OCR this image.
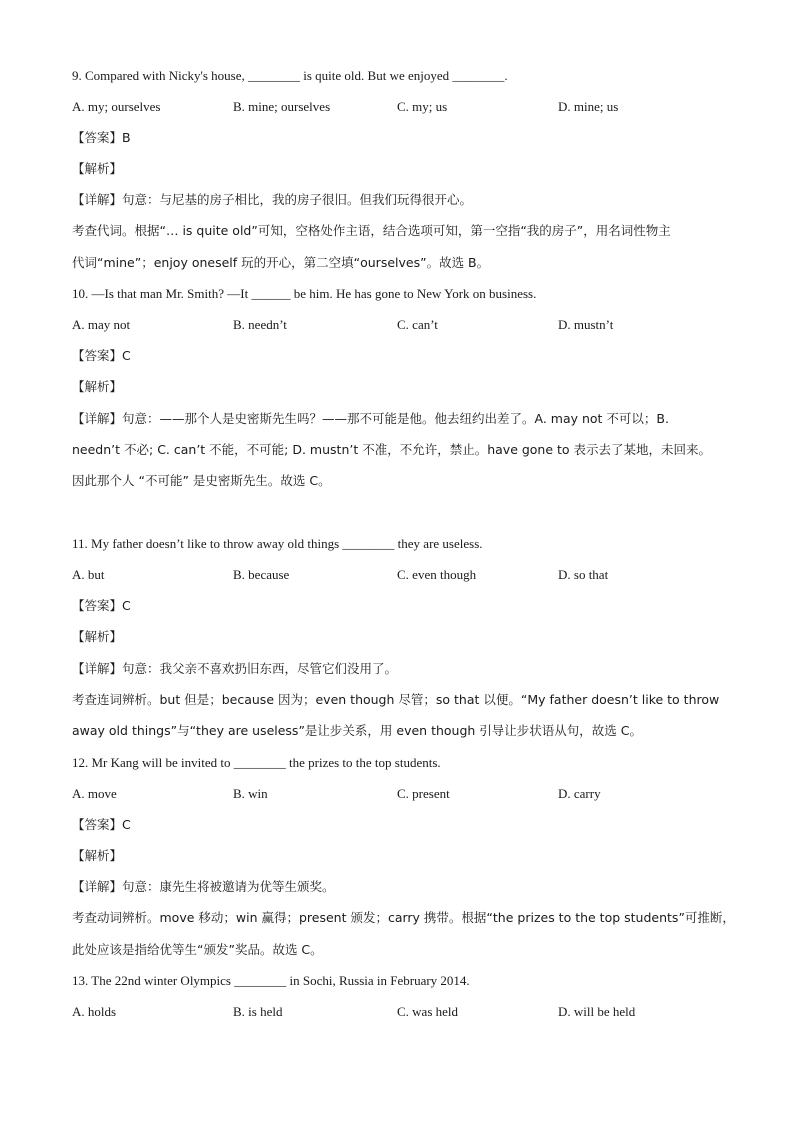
9. Compared with Nicky's house, ________ is quite old. But we enjoyed ________.
A. my; ourselves	B. mine; ourselves	C. my; us	D. mine; us
【答案】B
【解析】
【详解】句意：与尼基的房子相比，我的房子很旧。但我们玩得很开心。
考查代词。根据“… is quite old”可知，空格处作主语，结合选项可知，第一空指“我的房子”，用名词性物主
代词“mine”；enjoy oneself 玩的开心，第二空填“ourselves”。故选 B。
10. —Is that man Mr. Smith? —It ______ be him. He has gone to New York on business.
A. may not	B. needn’t	C. can’t	D. mustn’t
【答案】C
【解析】
【详解】句意：——那个人是史密斯先生吗？——那不可能是他。他去纽约出差了。A. may not 不可以；B.
needn’t 不必; C. can’t 不能，不可能; D. mustn’t 不准，不允许，禁止。have gone to 表示去了某地，未回来。
因此那个人 “不可能” 是史密斯先生。故选 C。
11. My father doesn’t like to throw away old things ________ they are useless.
A. but	B. because	C. even though	D. so that
【答案】C
【解析】
【详解】句意：我父亲不喜欢扔旧东西，尽管它们没用了。
考查连词辨析。but 但是；because 因为；even though 尽管；so that 以便。“My father doesn’t like to throw
away old things”与“they are useless”是让步关系，用 even though 引导让步状语从句，故选 C。
12. Mr Kang will be invited to ________ the prizes to the top students.
A. move	B. win	C. present	D. carry
【答案】C
【解析】
【详解】句意：康先生将被邀请为优等生颁奖。
考查动词辨析。move 移动；win 赢得；present 颁发；carry 携带。根据“the prizes to the top students”可推断，
此处应该是指给优等生“颁发”奖品。故选 C。
13. The 22nd winter Olympics ________ in Sochi, Russia in February 2014.
A. holds	B. is held	C. was held	D. will be held
